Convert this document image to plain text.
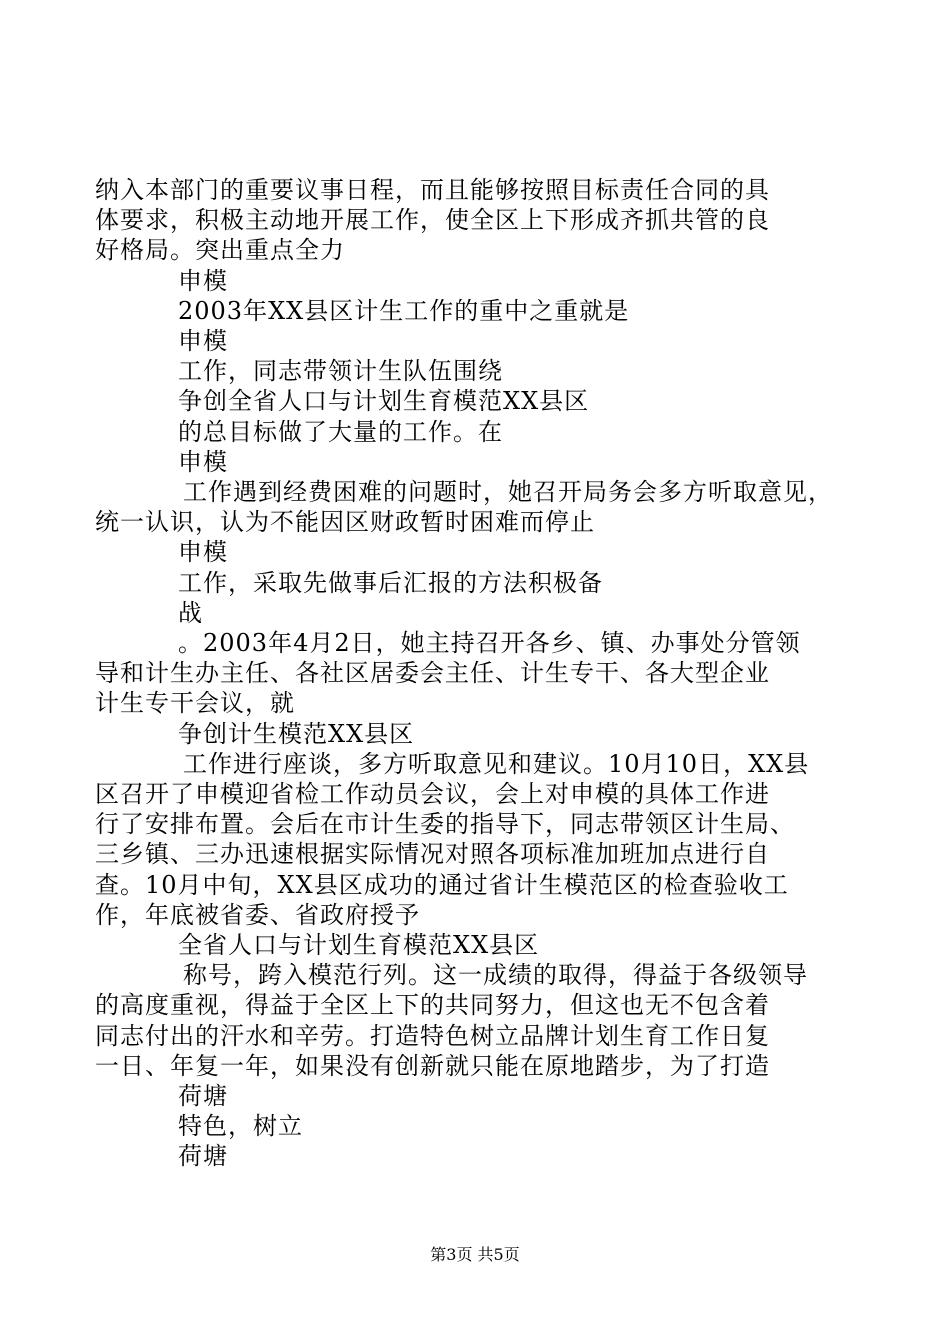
纳入本部门的重要议事日程，而且能够按照目标责任合同的具
体要求，积极主动地开展工作，使全区上下形成齐抓共管的良
好格局。突出重点全力
申模
2003年XX县区计生工作的重中之重就是
申模
工作，同志带领计生队伍围绕
争创全省人口与计划生育模范XX县区
的总目标做了大量的工作。在
申模
工作遇到经费困难的问题时，她召开局务会多方听取意见，
统一认识，认为不能因区财政暂时困难而停止
申模
工作，采取先做事后汇报的方法积极备
战
。2003年4月2日，她主持召开各乡、镇、办事处分管领
导和计生办主任、各社区居委会主任、计生专干、各大型企业
计生专干会议，就
争创计生模范XX县区
工作进行座谈，多方听取意见和建议。10月10日，XX县
区召开了申模迎省检工作动员会议，会上对申模的具体工作进
行了安排布置。会后在市计生委的指导下，同志带领区计生局、
三乡镇、三办迅速根据实际情况对照各项标准加班加点进行自
查。10月中旬，XX县区成功的通过省计生模范区的检查验收工
作，年底被省委、省政府授予
全省人口与计划生育模范XX县区
称号，跨入模范行列。这一成绩的取得，得益于各级领导
的高度重视，得益于全区上下的共同努力，但这也无不包含着
同志付出的汗水和辛劳。打造特色树立品牌计划生育工作日复
一日、年复一年，如果没有创新就只能在原地踏步，为了打造
荷塘
特色，树立
荷塘
第3页 共5页
